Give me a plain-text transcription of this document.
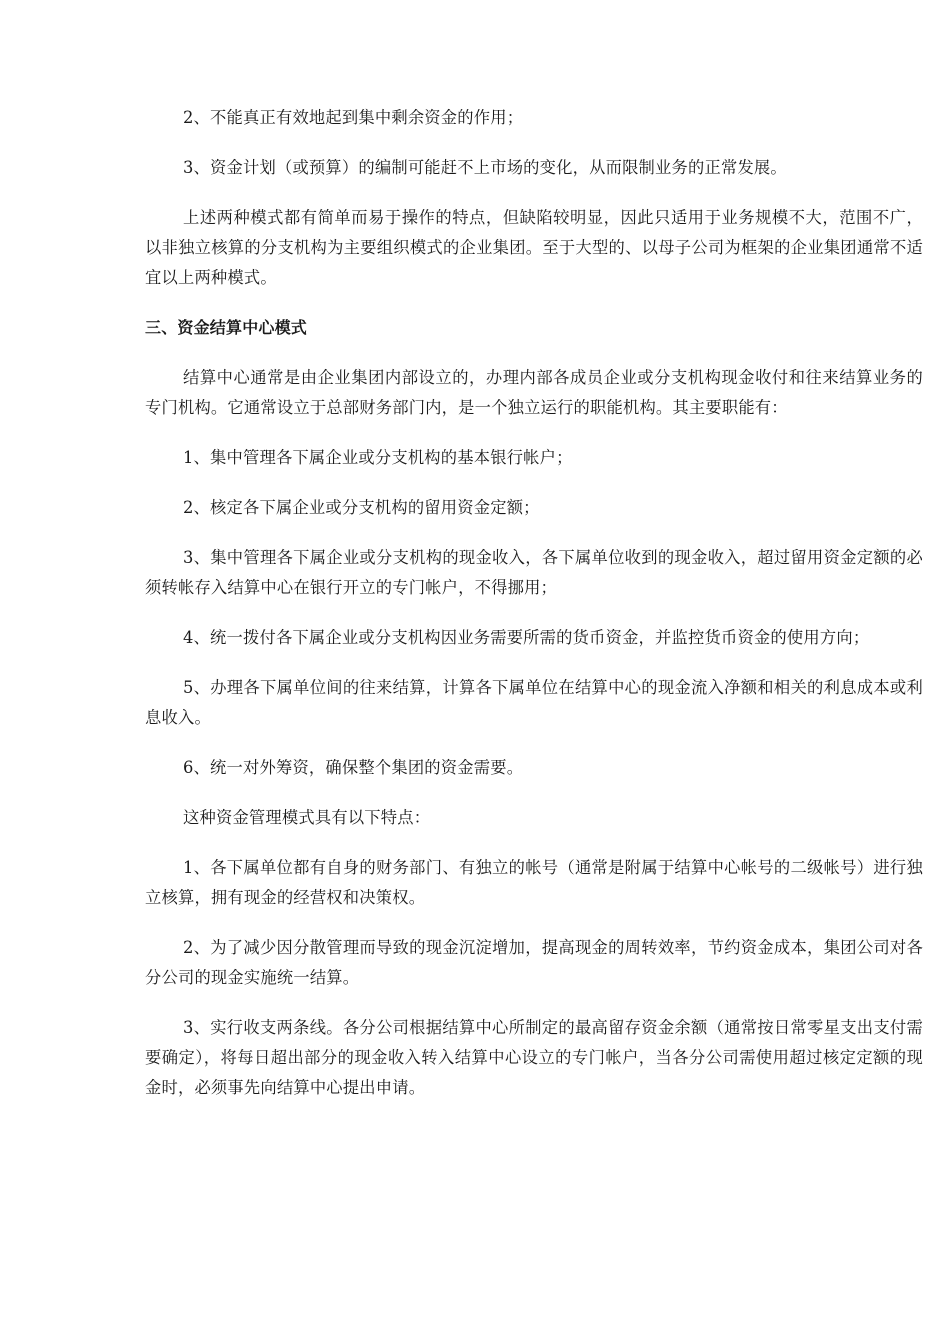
2、不能真正有效地起到集中剩余资金的作用；

3、资金计划（或预算）的编制可能赶不上市场的变化，从而限制业务的正常发展。

上述两种模式都有简单而易于操作的特点，但缺陷较明显，因此只适用于业务规模不大，范围不广，以非独立核算的分支机构为主要组织模式的企业集团。至于大型的、以母子公司为框架的企业集团通常不适宜以上两种模式。

三、资金结算中心模式

结算中心通常是由企业集团内部设立的，办理内部各成员企业或分支机构现金收付和往来结算业务的专门机构。它通常设立于总部财务部门内，是一个独立运行的职能机构。其主要职能有：

1、集中管理各下属企业或分支机构的基本银行帐户；

2、核定各下属企业或分支机构的留用资金定额；

3、集中管理各下属企业或分支机构的现金收入，各下属单位收到的现金收入，超过留用资金定额的必须转帐存入结算中心在银行开立的专门帐户，不得挪用；

4、统一拨付各下属企业或分支机构因业务需要所需的货币资金，并监控货币资金的使用方向；

5、办理各下属单位间的往来结算，计算各下属单位在结算中心的现金流入净额和相关的利息成本或利息收入。

6、统一对外筹资，确保整个集团的资金需要。

这种资金管理模式具有以下特点：

1、各下属单位都有自身的财务部门、有独立的帐号（通常是附属于结算中心帐号的二级帐号）进行独立核算，拥有现金的经营权和决策权。

2、为了减少因分散管理而导致的现金沉淀增加，提高现金的周转效率，节约资金成本，集团公司对各分公司的现金实施统一结算。

3、实行收支两条线。各分公司根据结算中心所制定的最高留存资金余额（通常按日常零星支出支付需要确定），将每日超出部分的现金收入转入结算中心设立的专门帐户，当各分公司需使用超过核定定额的现金时，必须事先向结算中心提出申请。
